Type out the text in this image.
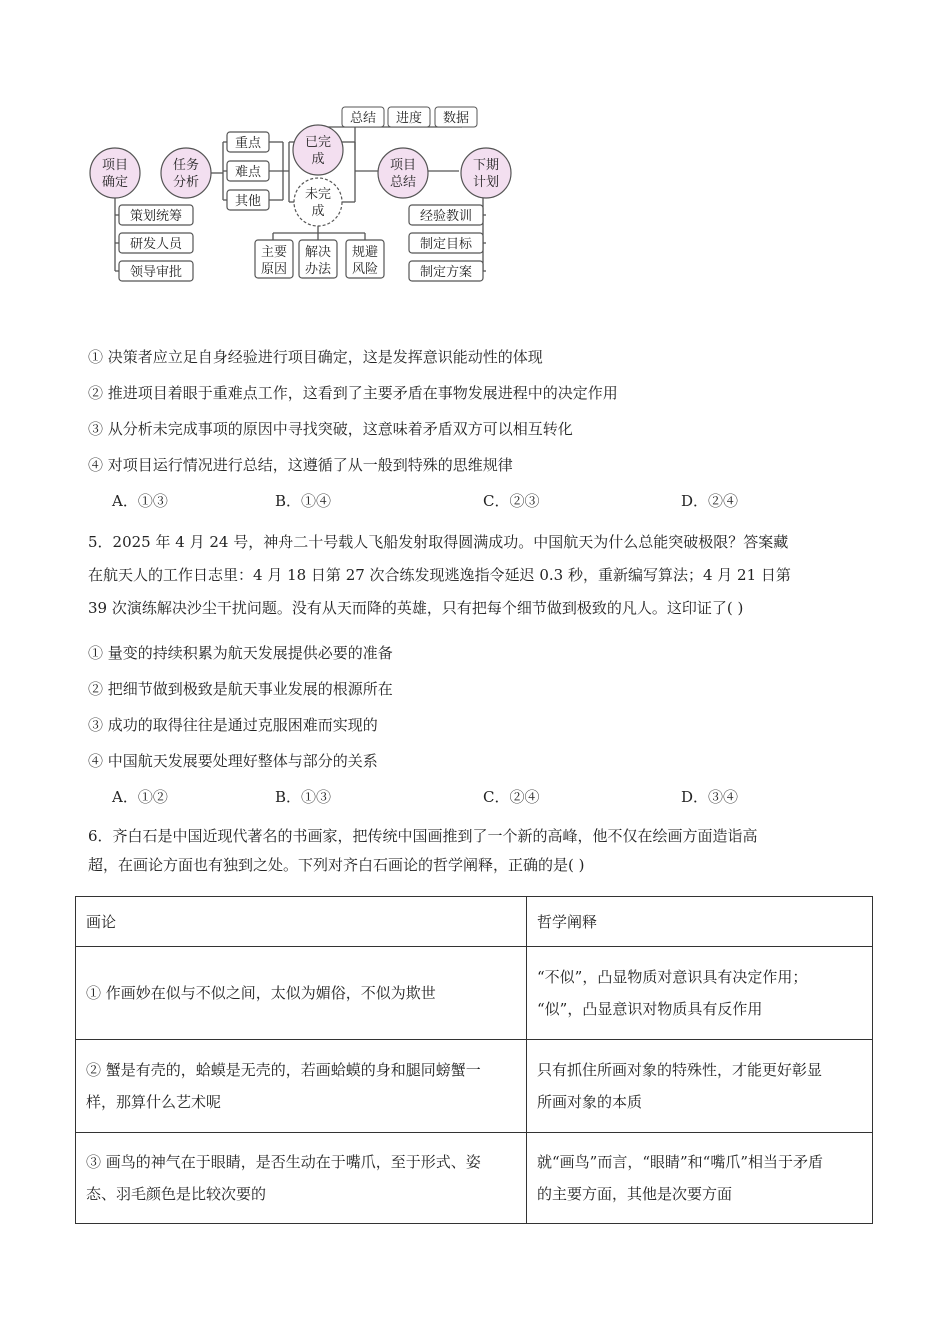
总结 进度 数据
项目
确定
任务
分析
已完
成
未完
成
项目
总结
下期
计划
重点
难点
其他
策划统筹
研发人员
领导审批
主要
原因
解决
办法
规避
风险
经验教训
制定目标
制定方案
① 决策者应立足自身经验进行项目确定，这是发挥意识能动性的体现
② 推进项目着眼于重难点工作，这看到了主要矛盾在事物发展进程中的决定作用
③ 从分析未完成事项的原因中寻找突破，这意味着矛盾双方可以相互转化
④ 对项目运行情况进行总结，这遵循了从一般到特殊的思维规律
A．①③	B．①④	C．②③	D．②④
5．2025 年 4 月 24 号，神舟二十号载人飞船发射取得圆满成功。中国航天为什么总能突破极限？答案藏
在航天人的工作日志里：4 月 18 日第 27 次合练发现逃逸指令延迟 0.3 秒，重新编写算法；4 月 21 日第
39 次演练解决沙尘干扰问题。没有从天而降的英雄，只有把每个细节做到极致的凡人。这印证了( )
① 量变的持续积累为航天发展提供必要的准备
② 把细节做到极致是航天事业发展的根源所在
③ 成功的取得往往是通过克服困难而实现的
④ 中国航天发展要处理好整体与部分的关系
A．①②	B．①③	C．②④	D．③④
6．齐白石是中国近现代著名的书画家，把传统中国画推到了一个新的高峰，他不仅在绘画方面造诣高
超，在画论方面也有独到之处。下列对齐白石画论的哲学阐释，正确的是( )
画论	哲学阐释
① 作画妙在似与不似之间，太似为媚俗，不似为欺世	“不似”，凸显物质对意识具有决定作用；
“似”，凸显意识对物质具有反作用

② 蟹是有壳的，蛤蟆是无壳的，若画蛤蟆的身和腿同螃蟹一
样，那算什么艺术呢	只有抓住所画对象的特殊性，才能更好彰显
所画对象的本质

③ 画鸟的神气在于眼睛，是否生动在于嘴爪，至于形式、姿
态、羽毛颜色是比较次要的	就“画鸟”而言，“眼睛”和“嘴爪”相当于矛盾
的主要方面，其他是次要方面
